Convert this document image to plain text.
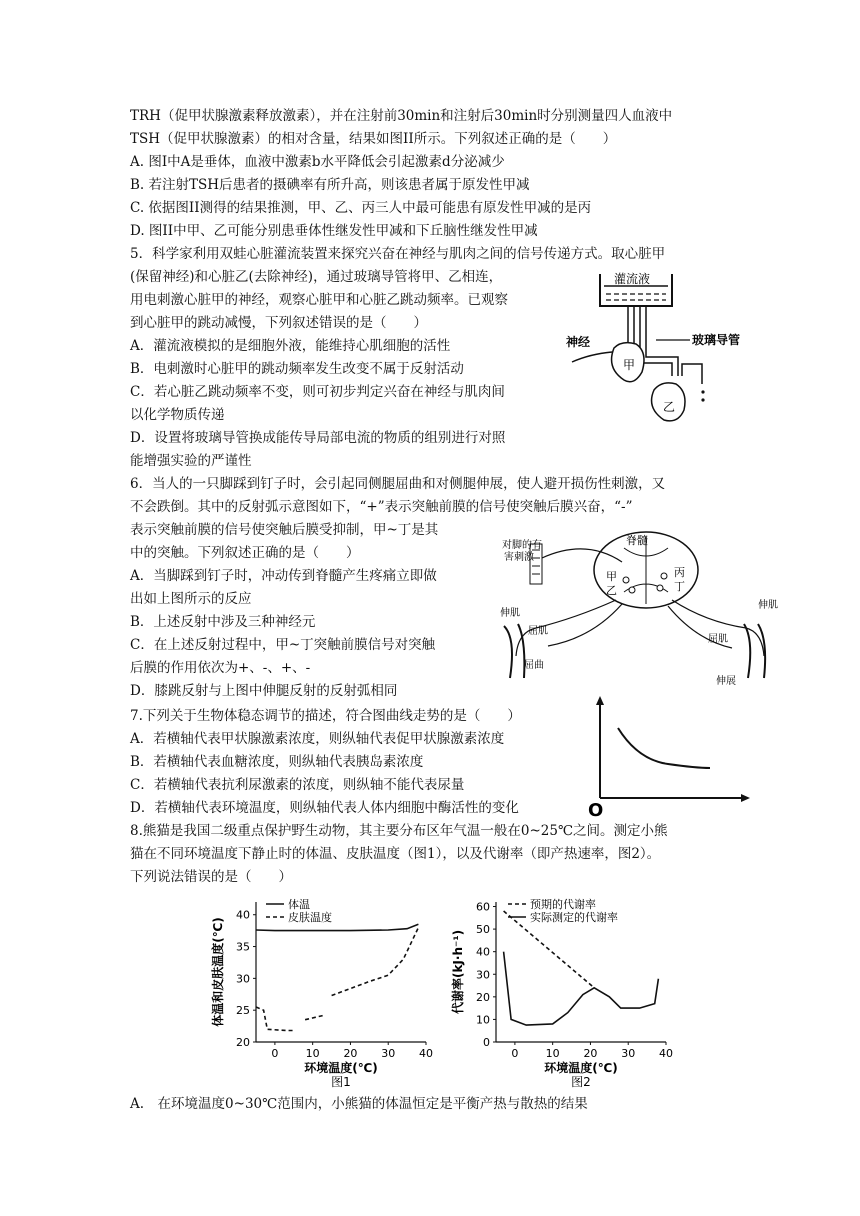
TRH（促甲状腺激素释放激素），并在注射前30min和注射后30min时分别测量四人血液中
TSH（促甲状腺激素）的相对含量，结果如图II所示。下列叙述正确的是（　　）
A. 图I中A是垂体，血液中激素b水平降低会引起激素d分泌减少
B. 若注射TSH后患者的摄碘率有所升高，则该患者属于原发性甲减
C. 依据图II测得的结果推测，甲、乙、丙三人中最可能患有原发性甲减的是丙
D. 图II中甲、乙可能分别患垂体性继发性甲减和下丘脑性继发性甲减
5．科学家利用双蛙心脏灌流装置来探究兴奋在神经与肌肉之间的信号传递方式。取心脏甲
(保留神经)和心脏乙(去除神经)，通过玻璃导管将甲、乙相连，
用电刺激心脏甲的神经，观察心脏甲和心脏乙跳动频率。已观察
到心脏甲的跳动减慢，下列叙述错误的是（　　）
A．灌流液模拟的是细胞外液，能维持心肌细胞的活性
B．电刺激时心脏甲的跳动频率发生改变不属于反射活动
C．若心脏乙跳动频率不变，则可初步判定兴奋在神经与肌肉间
以化学物质传递
D．设置将玻璃导管换成能传导局部电流的物质的组别进行对照
能增强实验的严谨性
灌流液
甲
神经	玻璃导管
乙
6．当人的一只脚踩到钉子时，会引起同侧腿屈曲和对侧腿伸展，使人避开损伤性刺激，又
不会跌倒。其中的反射弧示意图如下，“+”表示突触前膜的信号使突触后膜兴奋，“-”
表示突触前膜的信号使突触后膜受抑制，甲~丁是其
中的突触。下列叙述正确的是（　　）
A．当脚踩到钉子时，冲动传到脊髓产生疼痛立即做
出如上图所示的反应
B．上述反射中涉及三种神经元
C．在上述反射过程中，甲~丁突触前膜信号对突触
后膜的作用依次为+、-、+、-
D．膝跳反射与上图中伸腿反射的反射弧相同
对脚的有
害刺激
脊髓
甲
乙
丙
丁
伸肌
屈肌
屈曲
伸肌
屈肌
伸展
7.下列关于生物体稳态调节的描述，符合图曲线走势的是（　　）
A．若横轴代表甲状腺激素浓度，则纵轴代表促甲状腺激素浓度
B．若横轴代表血糖浓度，则纵轴代表胰岛素浓度
C．若横轴代表抗利尿激素的浓度，则纵轴不能代表尿量
D．若横轴代表环境温度，则纵轴代表人体内细胞中酶活性的变化	O
8.熊猫是我国二级重点保护野生动物，其主要分布区年气温一般在0~25℃之间。测定小熊
猫在不同环境温度下静止时的体温、皮肤温度（图1），以及代谢率（即产热速率，图2）。
下列说法错误的是（　　）
0 10 20 30 40
20
25
30
35
40
环境温度(℃)
体温和皮肤温度(℃)
图1
体温
皮肤温度
0 10 20 30 40
0
10
20
30
40
50
60
环境温度(℃)
代谢率(kJ·h⁻¹)
图2
预期的代谢率
实际测定的代谢率
A.　在环境温度0~30℃范围内，小熊猫的体温恒定是平衡产热与散热的结果
